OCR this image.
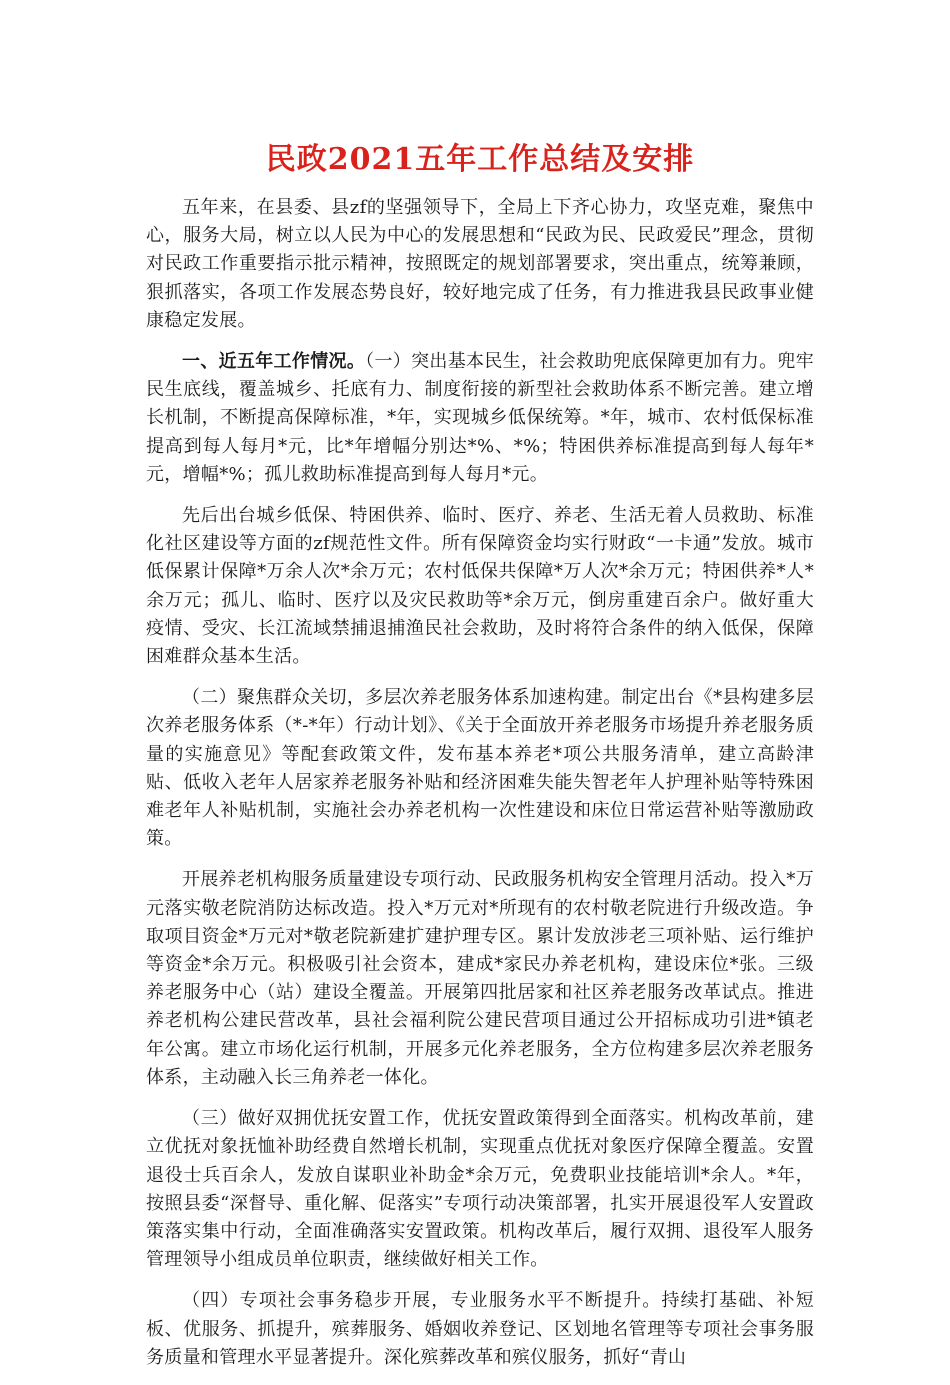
民政2021五年工作总结及安排

五年来，在县委、县zf的坚强领导下，全局上下齐心协力，攻坚克难，聚焦中心，服务大局，树立以人民为中心的发展思想和“民政为民、民政爱民”理念，贯彻对民政工作重要指示批示精神，按照既定的规划部署要求，突出重点，统筹兼顾，狠抓落实，各项工作发展态势良好，较好地完成了任务，有力推进我县民政事业健康稳定发展。

一、近五年工作情况。（一）突出基本民生，社会救助兜底保障更加有力。兜牢民生底线，覆盖城乡、托底有力、制度衔接的新型社会救助体系不断完善。建立增长机制，不断提高保障标准，*年，实现城乡低保统筹。*年，城市、农村低保标准提高到每人每月*元，比*年增幅分别达*%、*%；特困供养标准提高到每人每年*元，增幅*%；孤儿救助标准提高到每人每月*元。

先后出台城乡低保、特困供养、临时、医疗、养老、生活无着人员救助、标准化社区建设等方面的zf规范性文件。所有保障资金均实行财政“一卡通”发放。城市低保累计保障*万余人次*余万元；农村低保共保障*万人次*余万元；特困供养*人*余万元；孤儿、临时、医疗以及灾民救助等*余万元，倒房重建百余户。做好重大疫情、受灾、长江流域禁捕退捕渔民社会救助，及时将符合条件的纳入低保，保障困难群众基本生活。

（二）聚焦群众关切，多层次养老服务体系加速构建。制定出台《*县构建多层次养老服务体系（*-*年）行动计划》、《关于全面放开养老服务市场提升养老服务质量的实施意见》等配套政策文件，发布基本养老*项公共服务清单，建立高龄津贴、低收入老年人居家养老服务补贴和经济困难失能失智老年人护理补贴等特殊困难老年人补贴机制，实施社会办养老机构一次性建设和床位日常运营补贴等激励政策。

开展养老机构服务质量建设专项行动、民政服务机构安全管理月活动。投入*万元落实敬老院消防达标改造。投入*万元对*所现有的农村敬老院进行升级改造。争取项目资金*万元对*敬老院新建扩建护理专区。累计发放涉老三项补贴、运行维护等资金*余万元。积极吸引社会资本，建成*家民办养老机构，建设床位*张。三级养老服务中心（站）建设全覆盖。开展第四批居家和社区养老服务改革试点。推进养老机构公建民营改革，县社会福利院公建民营项目通过公开招标成功引进*镇老年公寓。建立市场化运行机制，开展多元化养老服务，全方位构建多层次养老服务体系，主动融入长三角养老一体化。

（三）做好双拥优抚安置工作，优抚安置政策得到全面落实。机构改革前，建立优抚对象抚恤补助经费自然增长机制，实现重点优抚对象医疗保障全覆盖。安置退役士兵百余人，发放自谋职业补助金*余万元，免费职业技能培训*余人。*年，按照县委“深督导、重化解、促落实”专项行动决策部署，扎实开展退役军人安置政策落实集中行动，全面准确落实安置政策。机构改革后，履行双拥、退役军人服务管理领导小组成员单位职责，继续做好相关工作。

（四）专项社会事务稳步开展，专业服务水平不断提升。持续打基础、补短板、优服务、抓提升，殡葬服务、婚姻收养登记、区划地名管理等专项社会事务服务质量和管理水平显著提升。深化殡葬改革和殡仪服务，抓好“青山
